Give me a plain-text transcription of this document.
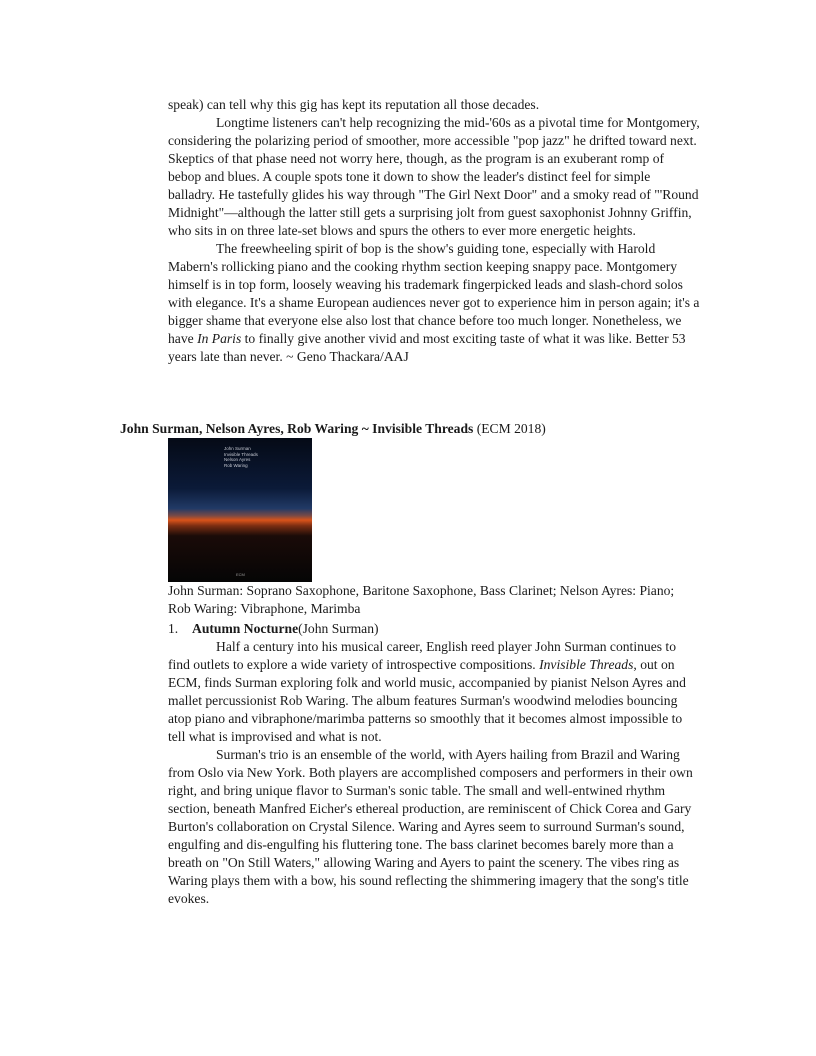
speak) can tell why this gig has kept its reputation all those decades.

Longtime listeners can't help recognizing the mid-'60s as a pivotal time for Montgomery, considering the polarizing period of smoother, more accessible "pop jazz" he drifted toward next. Skeptics of that phase need not worry here, though, as the program is an exuberant romp of bebop and blues. A couple spots tone it down to show the leader's distinct feel for simple balladry. He tastefully glides his way through "The Girl Next Door" and a smoky read of "'Round Midnight"—although the latter still gets a surprising jolt from guest saxophonist Johnny Griffin, who sits in on three late-set blows and spurs the others to ever more energetic heights.

The freewheeling spirit of bop is the show's guiding tone, especially with Harold Mabern's rollicking piano and the cooking rhythm section keeping snappy pace. Montgomery himself is in top form, loosely weaving his trademark fingerpicked leads and slash-chord solos with elegance. It's a shame European audiences never got to experience him in person again; it's a bigger shame that everyone else also lost that chance before too much longer. Nonetheless, we have In Paris to finally give another vivid and most exciting taste of what it was like. Better 53 years late than never. ~ Geno Thackara/AAJ

John Surman, Nelson Ayres, Rob Waring ~ Invisible Threads (ECM 2018)
John Surman
Invisible Threads
Nelson Ayres
Rob Waring
ECM
John Surman: Soprano Saxophone, Baritone Saxophone, Bass Clarinet; Nelson Ayres: Piano; Rob Waring: Vibraphone, Marimba
1. Autumn Nocturne(John Surman)

Half a century into his musical career, English reed player John Surman continues to find outlets to explore a wide variety of introspective compositions. Invisible Threads, out on ECM, finds Surman exploring folk and world music, accompanied by pianist Nelson Ayres and mallet percussionist Rob Waring. The album features Surman's woodwind melodies bouncing atop piano and vibraphone/marimba patterns so smoothly that it becomes almost impossible to tell what is improvised and what is not.

Surman's trio is an ensemble of the world, with Ayers hailing from Brazil and Waring from Oslo via New York. Both players are accomplished composers and performers in their own right, and bring unique flavor to Surman's sonic table. The small and well-entwined rhythm section, beneath Manfred Eicher's ethereal production, are reminiscent of Chick Corea and Gary Burton's collaboration on Crystal Silence. Waring and Ayres seem to surround Surman's sound, engulfing and dis-engulfing his fluttering tone. The bass clarinet becomes barely more than a breath on "On Still Waters," allowing Waring and Ayers to paint the scenery. The vibes ring as Waring plays them with a bow, his sound reflecting the shimmering imagery that the song's title evokes.
